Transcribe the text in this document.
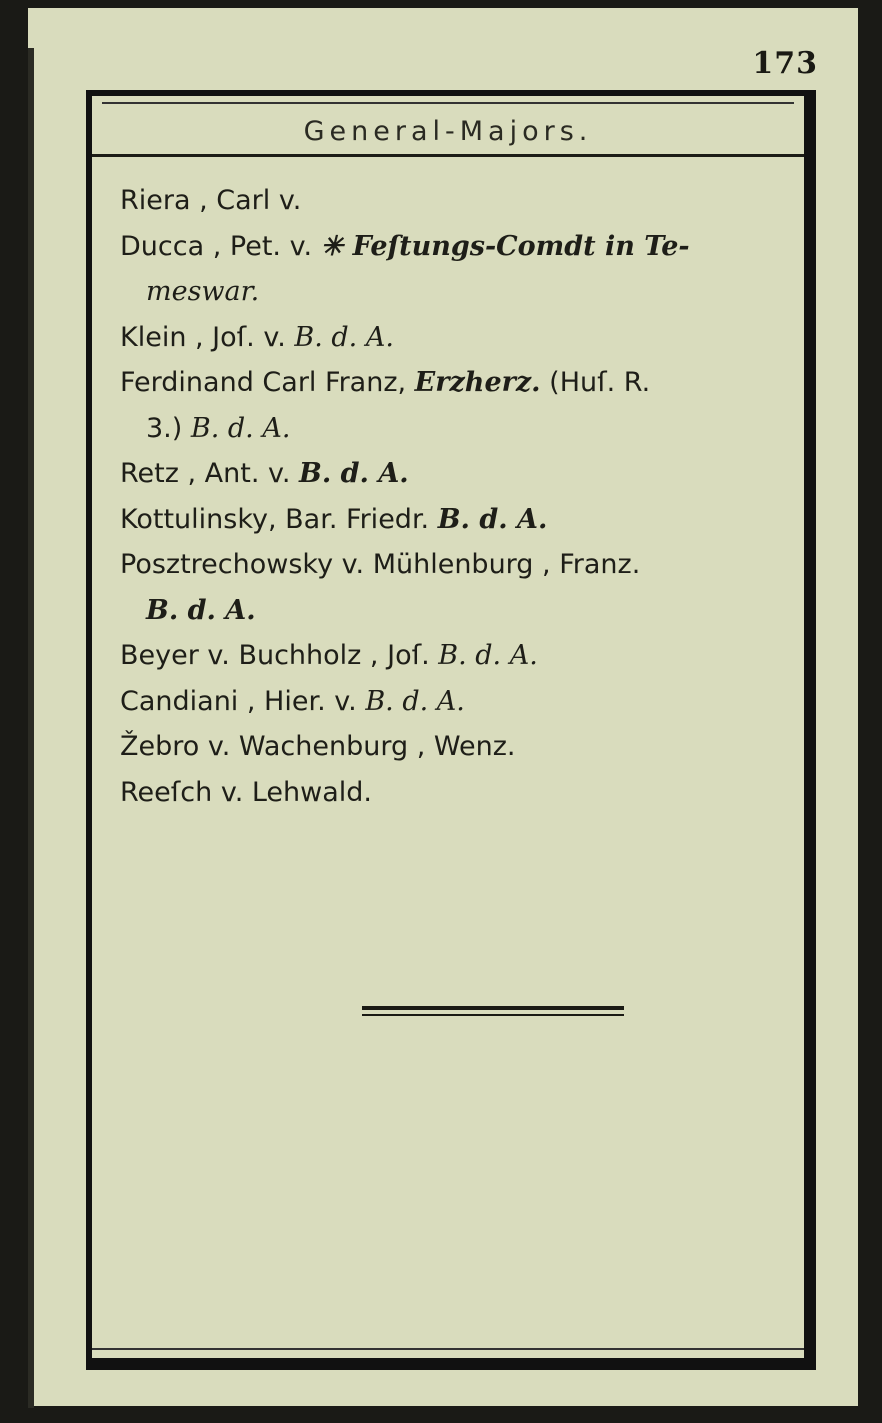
173
General-Majors.
Riera , Carl v.
Ducca , Pet. v. ✳ Feſtungs-Comdt in Te-
meswar.
Klein , Joſ. v. B. d. A.
Ferdinand Carl Franz, Erzherz. (Huſ. R.
3.) B. d. A.
Retz , Ant. v. B. d. A.
Kottulinsky, Bar. Friedr. B. d. A.
Posztrechowsky v. Mühlenburg , Franz.
B. d. A.
Beyer v. Buchholz , Joſ. B. d. A.
Candiani , Hier. v. B. d. A.
Žebro v. Wachenburg , Wenz.
Reeſch v. Lehwald.
